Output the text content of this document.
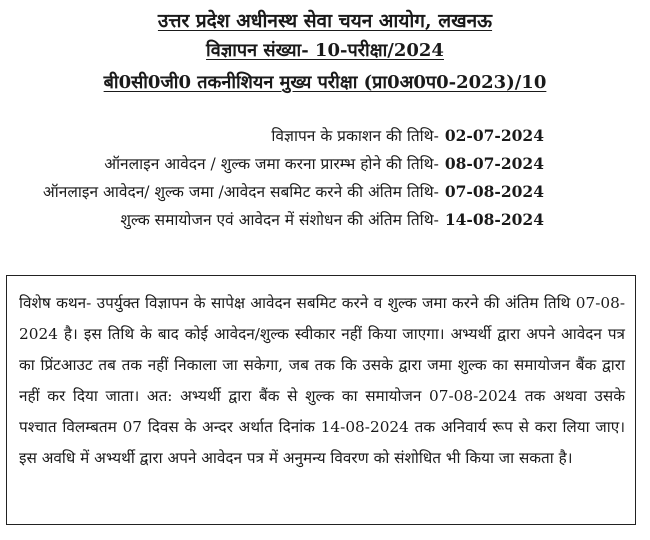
उत्तर प्रदेश अधीनस्थ सेवा चयन आयोग, लखनऊ
विज्ञापन संख्या- 10-परीक्षा/2024
बी0सी0जी0 तकनीशियन मुख्य परीक्षा (प्रा0अ0प0-2023)/10
विज्ञापन के प्रकाशन की तिथि- 02-07-2024
ऑनलाइन आवेदन / शुल्क जमा करना प्रारम्भ होने की तिथि- 08-07-2024
ऑनलाइन आवेदन/ शुल्क जमा /आवेदन सबमिट करने की अंतिम तिथि- 07-08-2024
शुल्क समायोजन एवं आवेदन में संशोधन की अंतिम तिथि- 14-08-2024

विशेष कथन- उपर्युक्त विज्ञापन के सापेक्ष आवेदन सबमिट करने व शुल्क जमा करने की अंतिम तिथि 07-08-2024 है। इस तिथि के बाद कोई आवेदन/शुल्क स्वीकार नहीं किया जाएगा। अभ्यर्थी द्वारा अपने आवेदन पत्र का प्रिंटआउट तब तक नहीं निकाला जा सकेगा, जब तक कि उसके द्वारा जमा शुल्क का समायोजन बैंक द्वारा नहीं कर दिया जाता। अत: अभ्यर्थी द्वारा बैंक से शुल्क का समायोजन 07-08-2024 तक अथवा उसके पश्चात विलम्बतम 07 दिवस के अन्दर अर्थात दिनांक 14-08-2024 तक अनिवार्य रूप से करा लिया जाए। इस अवधि में अभ्यर्थी द्वारा अपने आवेदन पत्र में अनुमन्य विवरण को संशोधित भी किया जा सकता है।
